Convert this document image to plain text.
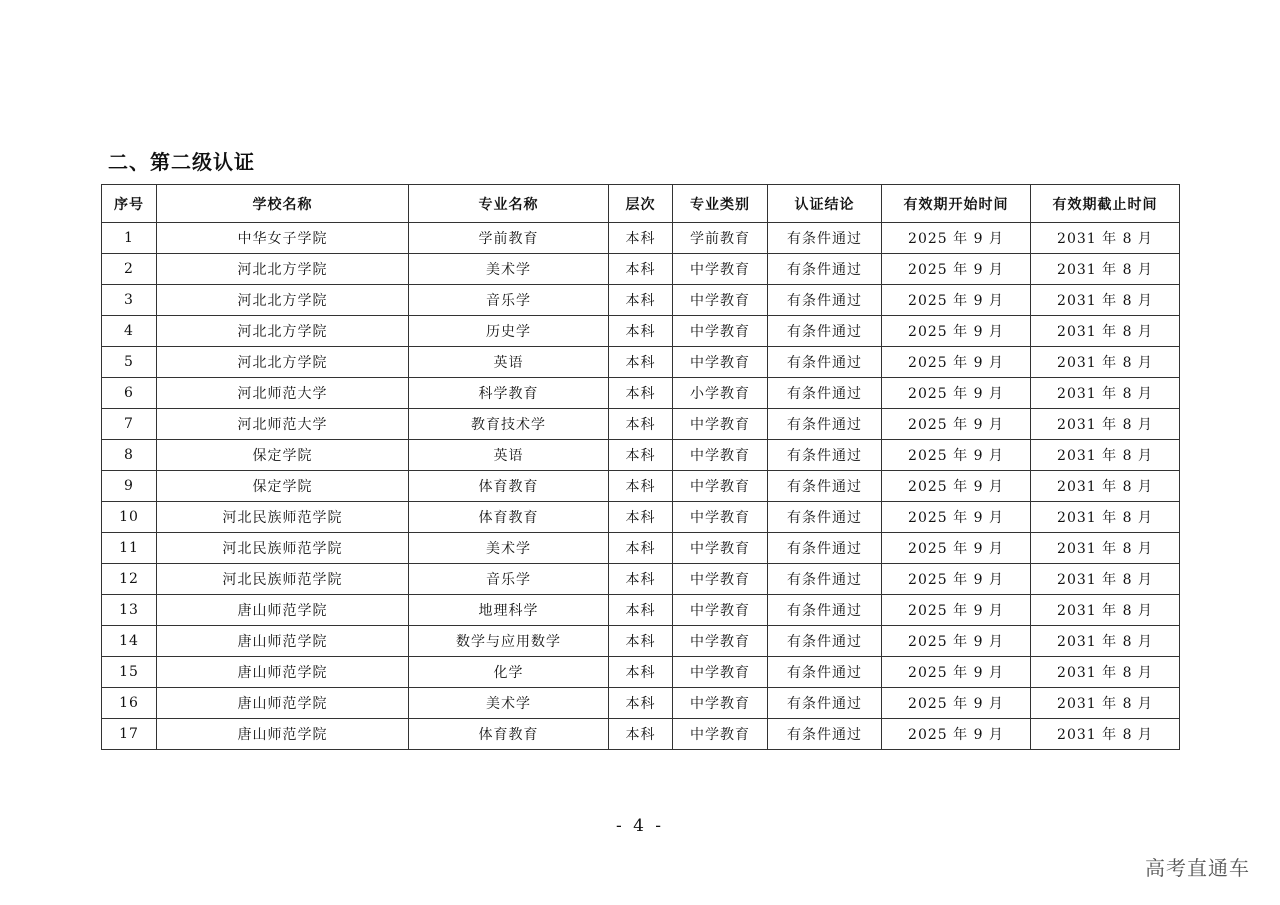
二、第二级认证
序号	学校名称	专业名称	层次	专业类别	认证结论	有效期开始时间	有效期截止时间
1	中华女子学院	学前教育	本科	学前教育	有条件通过	2025 年 9 月	2031 年 8 月
2	河北北方学院	美术学	本科	中学教育	有条件通过	2025 年 9 月	2031 年 8 月
3	河北北方学院	音乐学	本科	中学教育	有条件通过	2025 年 9 月	2031 年 8 月
4	河北北方学院	历史学	本科	中学教育	有条件通过	2025 年 9 月	2031 年 8 月
5	河北北方学院	英语	本科	中学教育	有条件通过	2025 年 9 月	2031 年 8 月
6	河北师范大学	科学教育	本科	小学教育	有条件通过	2025 年 9 月	2031 年 8 月
7	河北师范大学	教育技术学	本科	中学教育	有条件通过	2025 年 9 月	2031 年 8 月
8	保定学院	英语	本科	中学教育	有条件通过	2025 年 9 月	2031 年 8 月
9	保定学院	体育教育	本科	中学教育	有条件通过	2025 年 9 月	2031 年 8 月
10	河北民族师范学院	体育教育	本科	中学教育	有条件通过	2025 年 9 月	2031 年 8 月
11	河北民族师范学院	美术学	本科	中学教育	有条件通过	2025 年 9 月	2031 年 8 月
12	河北民族师范学院	音乐学	本科	中学教育	有条件通过	2025 年 9 月	2031 年 8 月
13	唐山师范学院	地理科学	本科	中学教育	有条件通过	2025 年 9 月	2031 年 8 月
14	唐山师范学院	数学与应用数学	本科	中学教育	有条件通过	2025 年 9 月	2031 年 8 月
15	唐山师范学院	化学	本科	中学教育	有条件通过	2025 年 9 月	2031 年 8 月
16	唐山师范学院	美术学	本科	中学教育	有条件通过	2025 年 9 月	2031 年 8 月
17	唐山师范学院	体育教育	本科	中学教育	有条件通过	2025 年 9 月	2031 年 8 月
- 4 -
高考直通车
